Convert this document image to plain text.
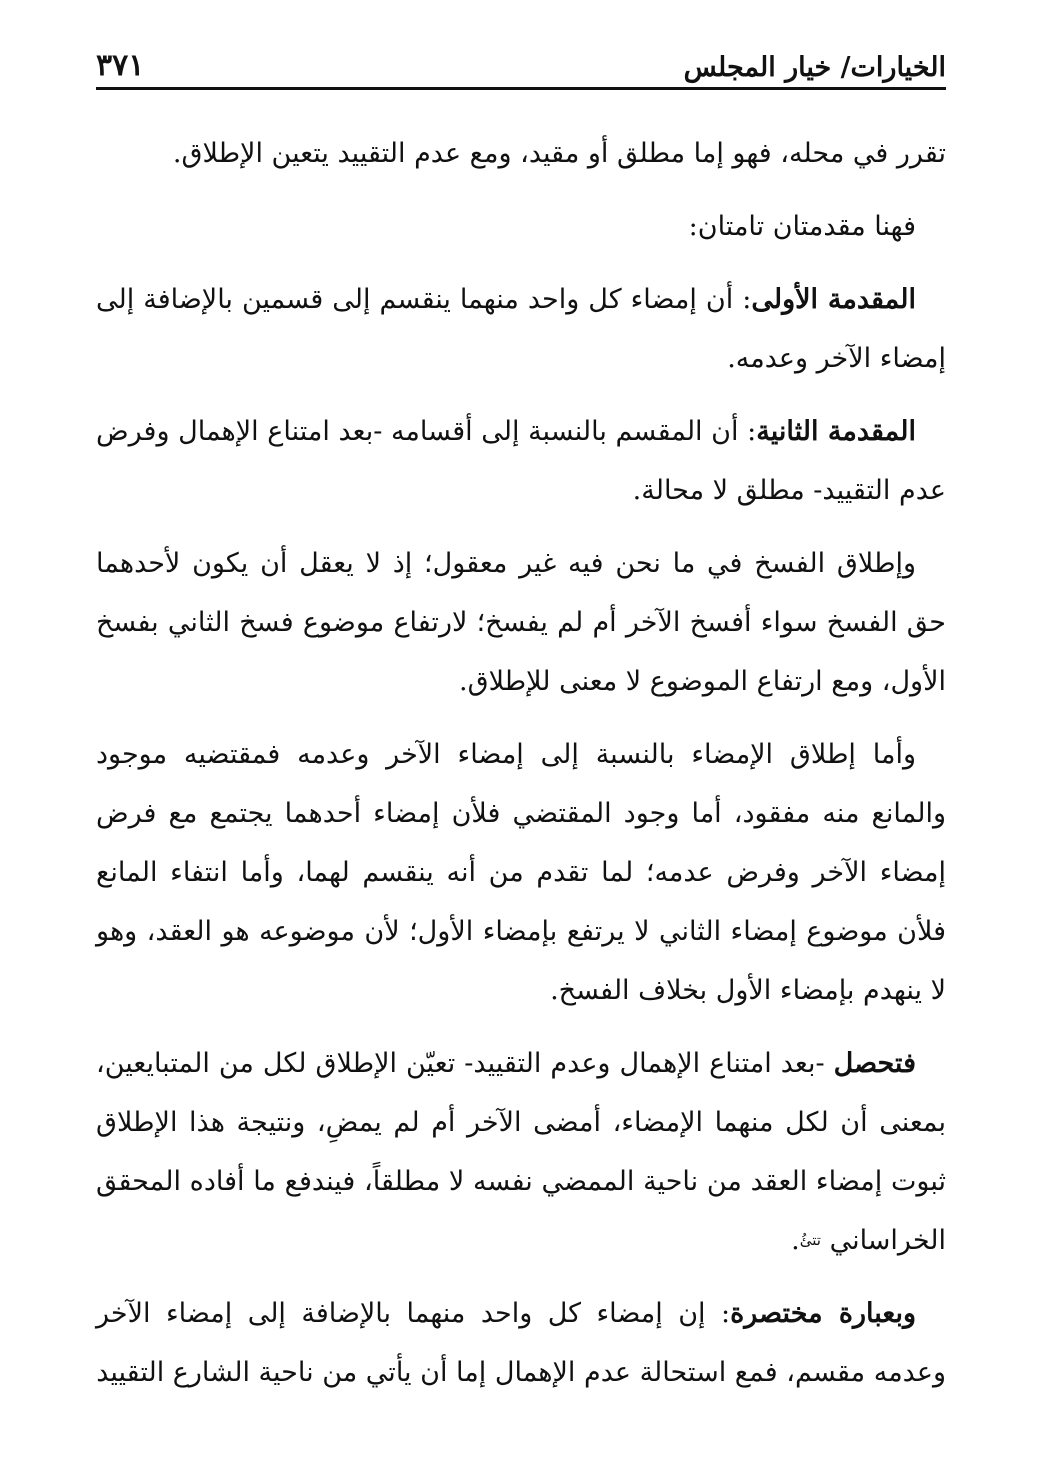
الخيارات/ خيار المجلس
٣٧١

تقرر في محله، فهو إما مطلق أو مقيد، ومع عدم التقييد يتعين الإطلاق.

فهنا مقدمتان تامتان:

المقدمة الأولى: أن إمضاء كل واحد منهما ينقسم إلى قسمين بالإضافة إلى إمضاء الآخر وعدمه.

المقدمة الثانية: أن المقسم بالنسبة إلى أقسامه -بعد امتناع الإهمال وفرض عدم التقييد- مطلق لا محالة.

وإطلاق الفسخ في ما نحن فيه غير معقول؛ إذ لا يعقل أن يكون لأحدهما حق الفسخ سواء أفسخ الآخر أم لم يفسخ؛ لارتفاع موضوع فسخ الثاني بفسخ الأول، ومع ارتفاع الموضوع لا معنى للإطلاق.

وأما إطلاق الإمضاء بالنسبة إلى إمضاء الآخر وعدمه فمقتضيه موجود والمانع منه مفقود، أما وجود المقتضي فلأن إمضاء أحدهما يجتمع مع فرض إمضاء الآخر وفرض عدمه؛ لما تقدم من أنه ينقسم لهما، وأما انتفاء المانع فلأن موضوع إمضاء الثاني لا يرتفع بإمضاء الأول؛ لأن موضوعه هو العقد، وهو لا ينهدم بإمضاء الأول بخلاف الفسخ.

فتحصل -بعد امتناع الإهمال وعدم التقييد- تعيّن الإطلاق لكل من المتبايعين، بمعنى أن لكل منهما الإمضاء، أمضى الآخر أم لم يمضِ، ونتيجة هذا الإطلاق ثبوت إمضاء العقد من ناحية الممضي نفسه لا مطلقاً، فيندفع ما أفاده المحقق الخراساني تتئُ.

وبعبارة مختصرة: إن إمضاء كل واحد منهما بالإضافة إلى إمضاء الآخر وعدمه مقسم، فمع استحالة عدم الإهمال إما أن يأتي من ناحية الشارع التقييد
